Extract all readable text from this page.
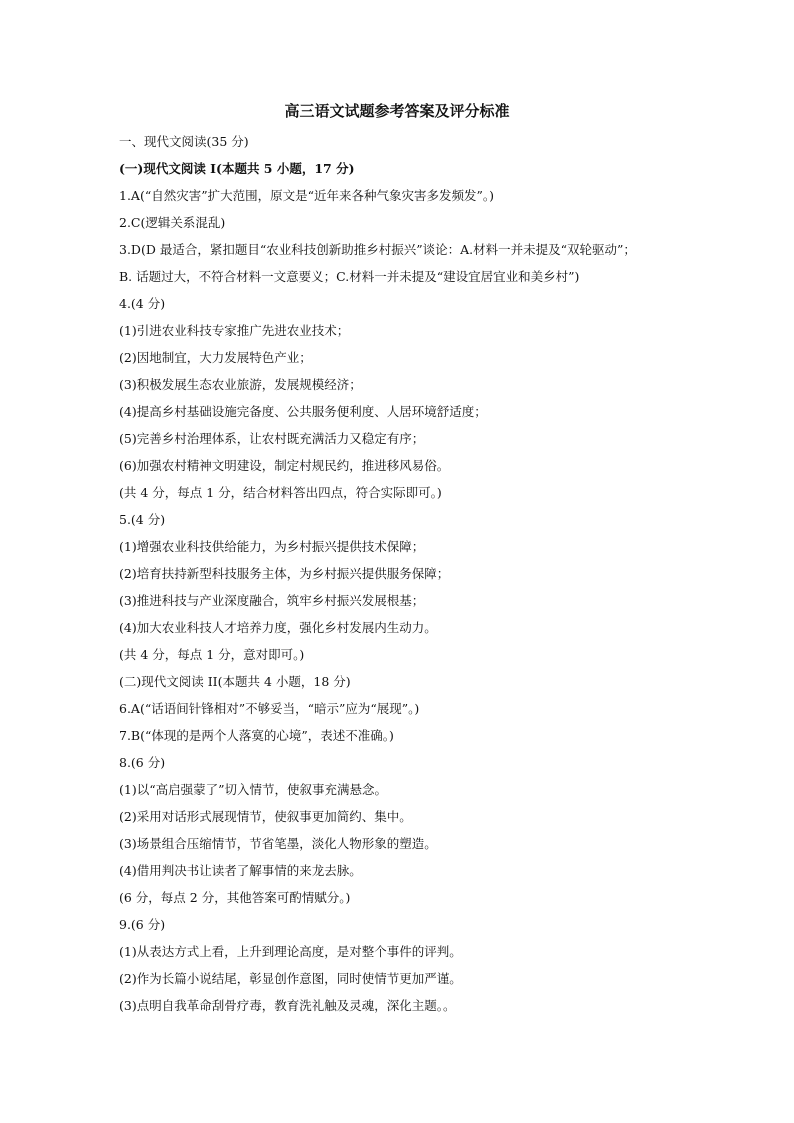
高三语文试题参考答案及评分标准
一、现代文阅读(35 分)
(一)现代文阅读 I(本题共 5 小题，17 分)
1.A(“自然灾害”扩大范围，原文是“近年来各种气象灾害多发频发”。)
2.C(逻辑关系混乱)
3.D(D 最适合，紧扣题目“农业科技创新助推乡村振兴”谈论：A.材料一并未提及“双轮驱动”；
B. 话题过大，不符合材料一文意要义；C.材料一并未提及“建设宜居宜业和美乡村”)
4.(4 分)
(1)引进农业科技专家推广先进农业技术；
(2)因地制宜，大力发展特色产业；
(3)积极发展生态农业旅游，发展规模经济；
(4)提高乡村基础设施完备度、公共服务便利度、人居环境舒适度；
(5)完善乡村治理体系，让农村既充满活力又稳定有序；
(6)加强农村精神文明建设，制定村规民约，推进移风易俗。
(共 4 分，每点 1 分，结合材料答出四点，符合实际即可。)
5.(4 分)
(1)增强农业科技供给能力，为乡村振兴提供技术保障；
(2)培育扶持新型科技服务主体，为乡村振兴提供服务保障；
(3)推进科技与产业深度融合，筑牢乡村振兴发展根基；
(4)加大农业科技人才培养力度，强化乡村发展内生动力。
(共 4 分，每点 1 分，意对即可。)
(二)现代文阅读 II(本题共 4 小题，18 分)
6.A(“话语间针锋相对”不够妥当，“暗示”应为“展现”。)
7.B(“体现的是两个人落寞的心境”，表述不准确。)
8.(6 分)
(1)以“高启强蒙了”切入情节，使叙事充满悬念。
(2)采用对话形式展现情节，使叙事更加简约、集中。
(3)场景组合压缩情节，节省笔墨，淡化人物形象的塑造。
(4)借用判决书让读者了解事情的来龙去脉。
(6 分，每点 2 分，其他答案可酌情赋分。)
9.(6 分)
(1)从表达方式上看，上升到理论高度，是对整个事件的评判。
(2)作为长篇小说结尾，彰显创作意图，同时使情节更加严谨。
(3)点明自我革命刮骨疗毒，教育洗礼触及灵魂，深化主题。。
